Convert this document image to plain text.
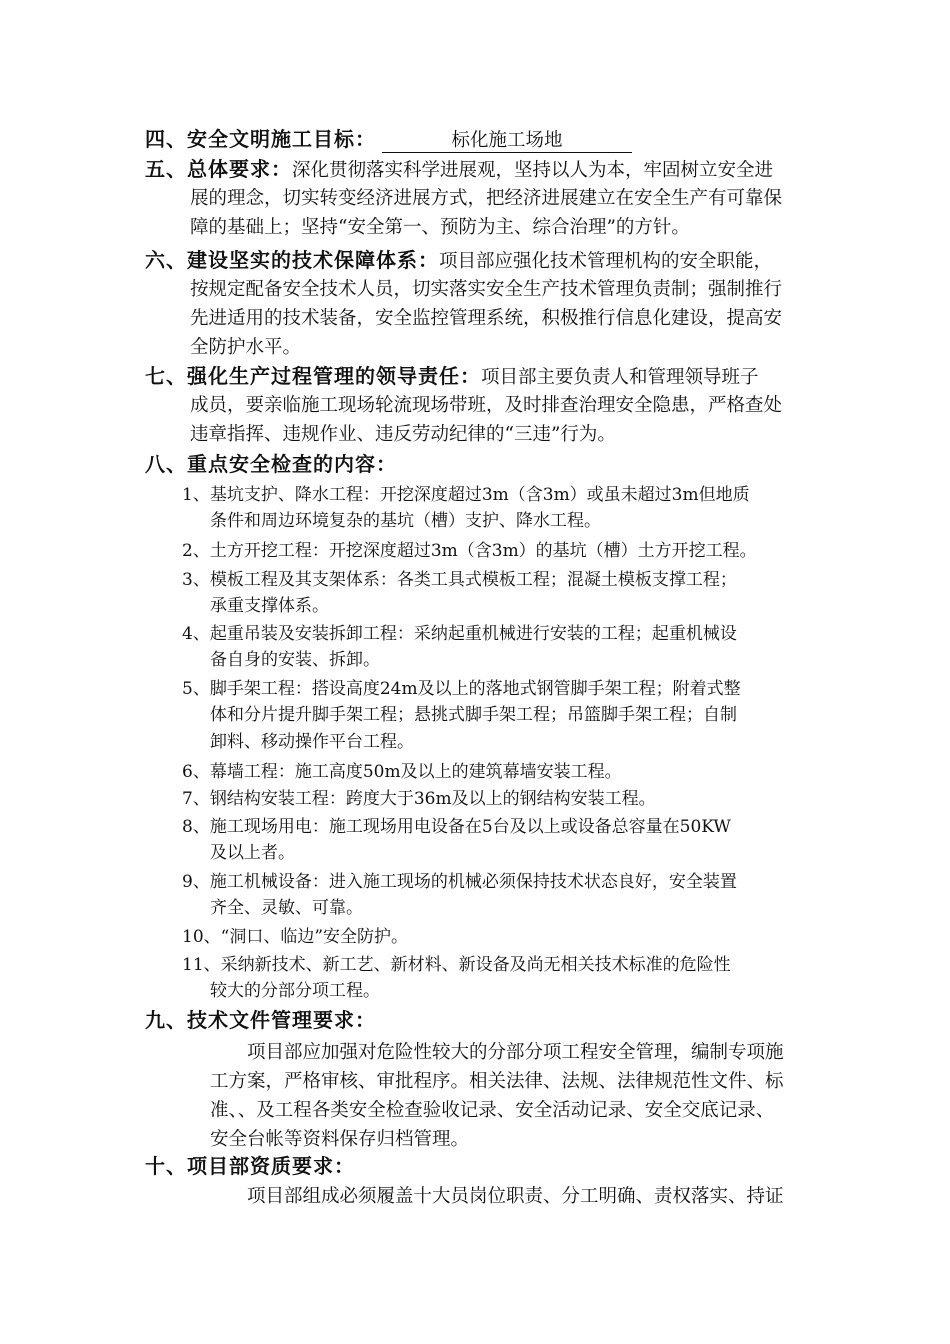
四、安全文明施工目标：	标化施工场地
五、总体要求：深化贯彻落实科学进展观，坚持以人为本，牢固树立安全进
展的理念，切实转变经济进展方式，把经济进展建立在安全生产有可靠保
障的基础上；坚持“安全第一、预防为主、综合治理”的方针。
六、建设坚实的技术保障体系：项目部应强化技术管理机构的安全职能，
按规定配备安全技术人员，切实落实安全生产技术管理负责制；强制推行
先进适用的技术装备，安全监控管理系统，积极推行信息化建设，提高安
全防护水平。
七、强化生产过程管理的领导责任：项目部主要负责人和管理领导班子
成员，要亲临施工现场轮流现场带班，及时排查治理安全隐患，严格查处
违章指挥、违规作业、违反劳动纪律的“三违”行为。
八、重点安全检查的内容：
1、基坑支护、降水工程：开挖深度超过3m（含3m）或虽未超过3m但地质
条件和周边环境复杂的基坑（槽）支护、降水工程。
2、土方开挖工程：开挖深度超过3m（含3m）的基坑（槽）土方开挖工程。
3、模板工程及其支架体系：各类工具式模板工程；混凝土模板支撑工程；
承重支撑体系。
4、起重吊装及安装拆卸工程：采纳起重机械进行安装的工程；起重机械设
备自身的安装、拆卸。
5、脚手架工程：搭设高度24m及以上的落地式钢管脚手架工程；附着式整
体和分片提升脚手架工程；悬挑式脚手架工程；吊篮脚手架工程；自制
卸料、移动操作平台工程。
6、幕墙工程：施工高度50m及以上的建筑幕墙安装工程。
7、钢结构安装工程：跨度大于36m及以上的钢结构安装工程。
8、施工现场用电：施工现场用电设备在5台及以上或设备总容量在50KW
及以上者。
9、施工机械设备：进入施工现场的机械必须保持技术状态良好，安全装置
齐全、灵敏、可靠。
10、“洞口、临边”安全防护。
11、采纳新技术、新工艺、新材料、新设备及尚无相关技术标准的危险性
较大的分部分项工程。
九、技术文件管理要求：
项目部应加强对危险性较大的分部分项工程安全管理，编制专项施
工方案，严格审核、审批程序。相关法律、法规、法律规范性文件、标
准、、及工程各类安全检查验收记录、安全活动记录、安全交底记录、
安全台帐等资料保存归档管理。
十、项目部资质要求：
项目部组成必须履盖十大员岗位职责、分工明确、责权落实、持证
